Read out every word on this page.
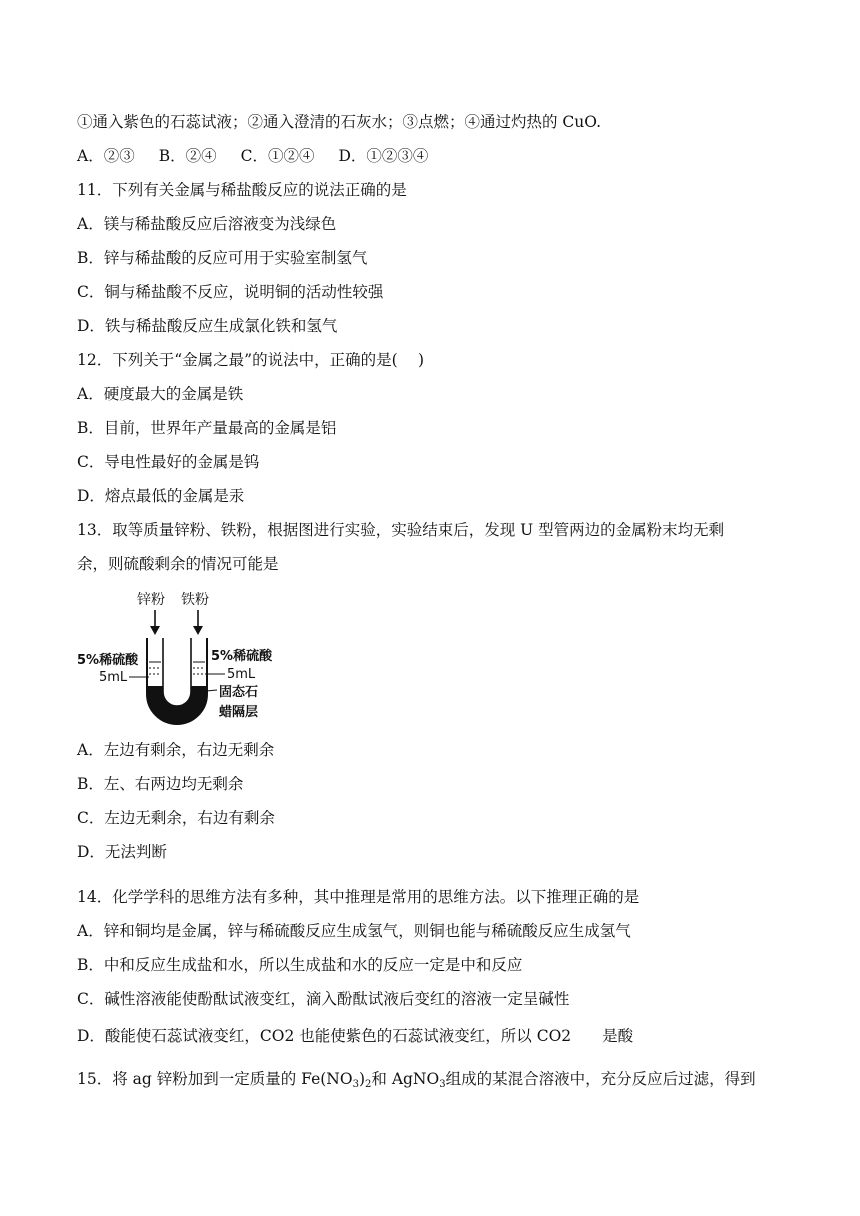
①通入紫色的石蕊试液；②通入澄清的石灰水；③点燃；④通过灼热的 CuO.
A．②③ B．②④ C．①②④ D．①②③④
11．下列有关金属与稀盐酸反应的说法正确的是
A．镁与稀盐酸反应后溶液变为浅绿色
B．锌与稀盐酸的反应可用于实验室制氢气
C．铜与稀盐酸不反应，说明铜的活动性较强
D．铁与稀盐酸反应生成氯化铁和氢气
12．下列关于“金属之最”的说法中，正确的是(　 )
A．硬度最大的金属是铁
B．目前，世界年产量最高的金属是铝
C．导电性最好的金属是钨
D．熔点最低的金属是汞
13．取等质量锌粉、铁粉，根据图进行实验，实验结束后，发现 U 型管两边的金属粉末均无剩
余，则硫酸剩余的情况可能是
锌粉 铁粉
5%稀硫酸
5mL
5%稀硫酸
5mL
固态石
蜡隔层
A．左边有剩余，右边无剩余
B．左、右两边均无剩余
C．左边无剩余，右边有剩余
D．无法判断
14．化学学科的思维方法有多种，其中推理是常用的思维方法。以下推理正确的是
A．锌和铜均是金属，锌与稀硫酸反应生成氢气，则铜也能与稀硫酸反应生成氢气
B．中和反应生成盐和水，所以生成盐和水的反应一定是中和反应
C．碱性溶液能使酚酞试液变红，滴入酚酞试液后变红的溶液一定呈碱性
D．酸能使石蕊试液变红，CO2 也能使紫色的石蕊试液变红，所以 CO2　　是酸
15．将 ag 锌粉加到一定质量的 $Fe(NO_3)_2$和 AgNO$_3$组成的某混合溶液中，充分反应后过滤，得到
